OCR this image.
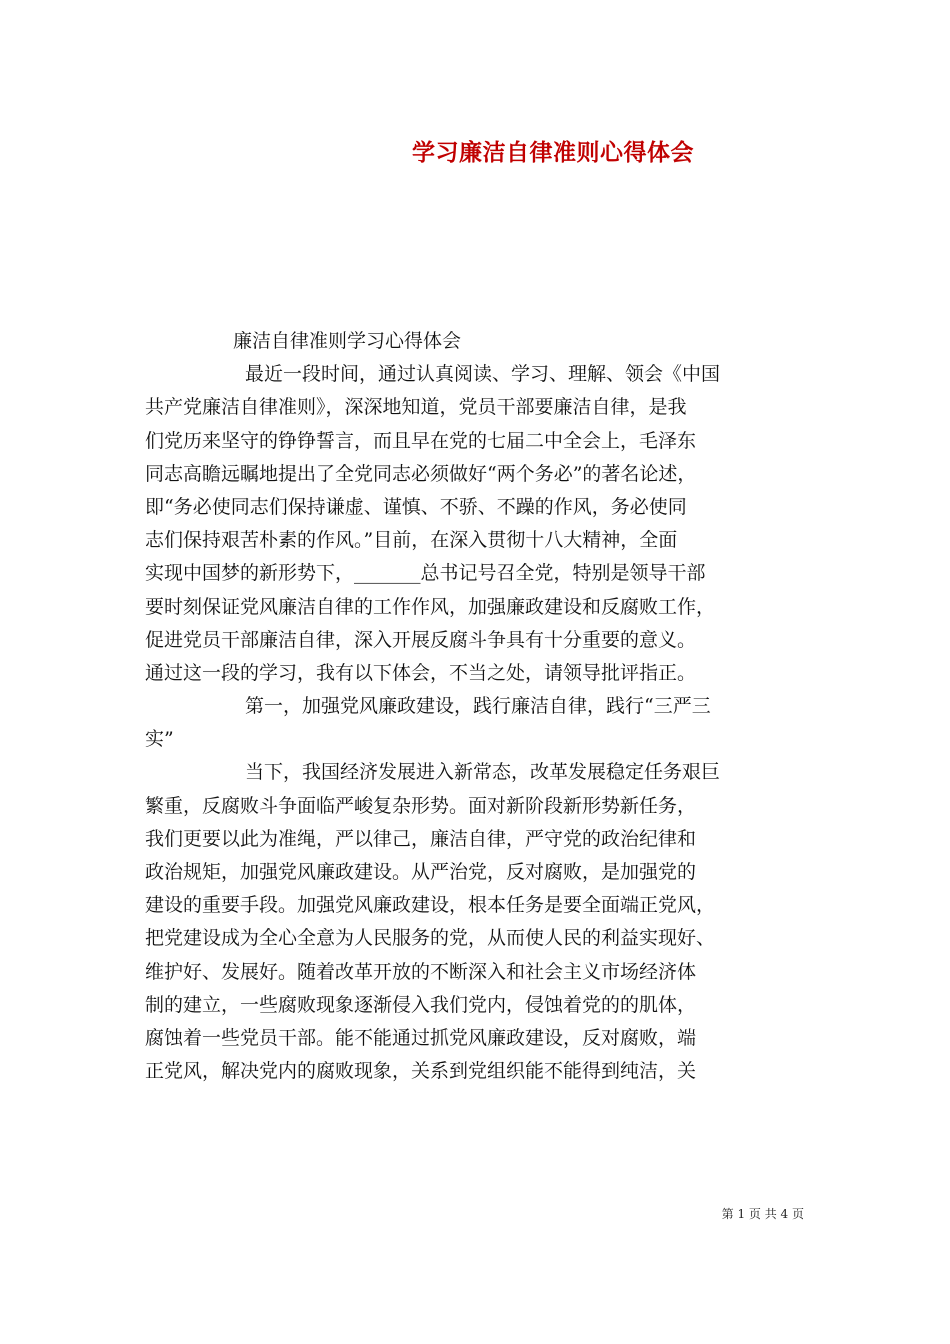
学习廉洁自律准则心得体会
廉洁自律准则学习心得体会
最近一段时间，通过认真阅读、学习、理解、领会《中国
共产党廉洁自律准则》，深深地知道，党员干部要廉洁自律，是我
们党历来坚守的铮铮誓言，而且早在党的七届二中全会上，毛泽东
同志高瞻远瞩地提出了全党同志必须做好“两个务必”的著名论述，
即“务必使同志们保持谦虚、谨慎、不骄、不躁的作风，务必使同
志们保持艰苦朴素的作风。”目前，在深入贯彻十八大精神，全面
实现中国梦的新形势下，_______总书记号召全党，特别是领导干部
要时刻保证党风廉洁自律的工作作风，加强廉政建设和反腐败工作，
促进党员干部廉洁自律，深入开展反腐斗争具有十分重要的意义。
通过这一段的学习，我有以下体会，不当之处，请领导批评指正。
第一，加强党风廉政建设，践行廉洁自律，践行“三严三
实”
当下，我国经济发展进入新常态，改革发展稳定任务艰巨
繁重，反腐败斗争面临严峻复杂形势。面对新阶段新形势新任务，
我们更要以此为准绳，严以律己，廉洁自律，严守党的政治纪律和
政治规矩，加强党风廉政建设。从严治党，反对腐败，是加强党的
建设的重要手段。加强党风廉政建设，根本任务是要全面端正党风，
把党建设成为全心全意为人民服务的党，从而使人民的利益实现好、
维护好、发展好。随着改革开放的不断深入和社会主义市场经济体
制的建立，一些腐败现象逐渐侵入我们党内，侵蚀着党的的肌体，
腐蚀着一些党员干部。能不能通过抓党风廉政建设，反对腐败，端
正党风，解决党内的腐败现象，关系到党组织能不能得到纯洁，关
第 1 页 共 4 页
